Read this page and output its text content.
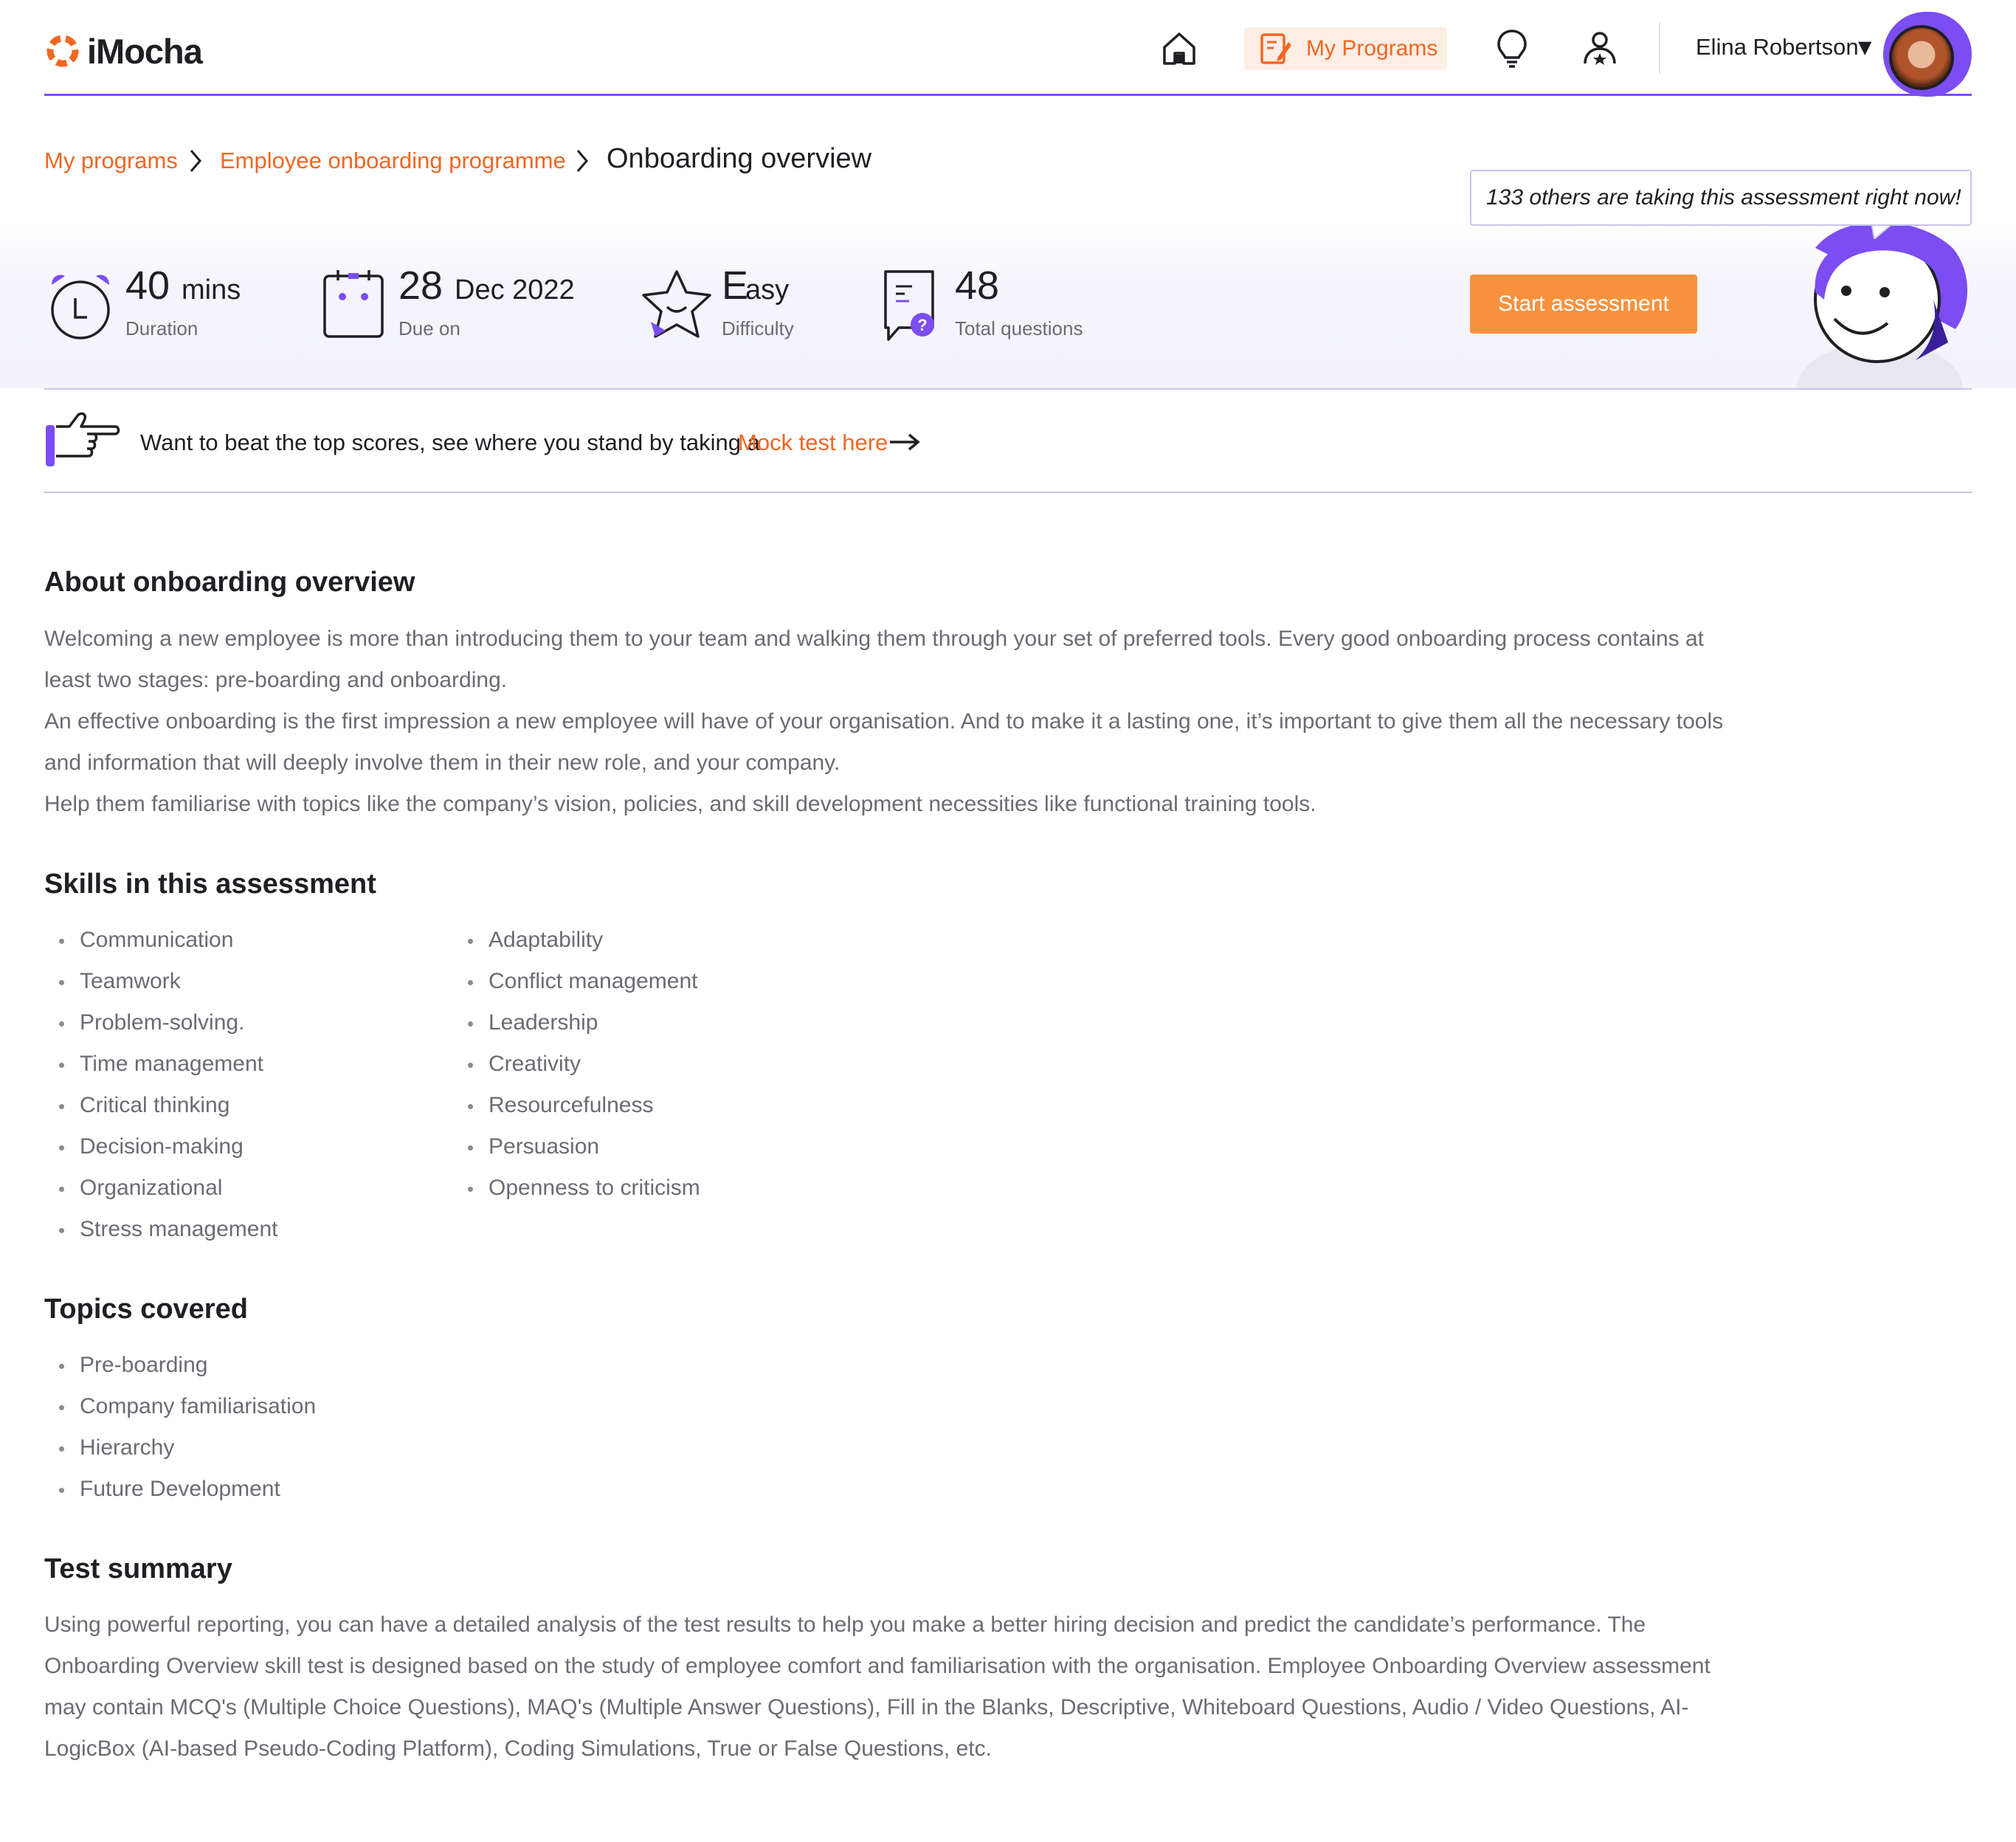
iMocha	My Programs	Elina Robertson ▼
My programs Employee onboarding programme Onboarding overview
40 mins
Duration
28 Dec 2022
Due on
E
asy
Difficulty	?
48
Total questions
Start assessment
133 others are taking this assessment right now!
Want to beat the top scores, see where you stand by taking a
Mock test here
About onboarding overview

Welcoming a new employee is more than introducing them to your team and walking them through your set of preferred tools. Every good onboarding process contains at least two stages: pre-boarding and onboarding.

An effective onboarding is the first impression a new employee will have of your organisation. And to make it a lasting one, it’s important to give them all the necessary tools and information that will deeply involve them in their new role, and your company.

Help them familiarise with topics like the company’s vision, policies, and skill development necessities like functional training tools.

Skills in this assessment
Communication
Teamwork
Problem-solving.
Time management
Critical thinking
Decision-making
Organizational
Stress management
Adaptability
Conflict management
Leadership
Creativity
Resourcefulness
Persuasion
Openness to criticism
Topics covered
Pre-boarding
Company familiarisation
Hierarchy
Future Development
Test summary

Using powerful reporting, you can have a detailed analysis of the test results to help you make a better hiring decision and predict the candidate’s performance. The Onboarding Overview skill test is designed based on the study of employee comfort and familiarisation with the organisation. Employee Onboarding Overview assessment may contain MCQ's (Multiple Choice Questions), MAQ's (Multiple Answer Questions), Fill in the Blanks, Descriptive, Whiteboard Questions, Audio / Video Questions, AI-LogicBox (AI-based Pseudo-Coding Platform), Coding Simulations, True or False Questions, etc.
